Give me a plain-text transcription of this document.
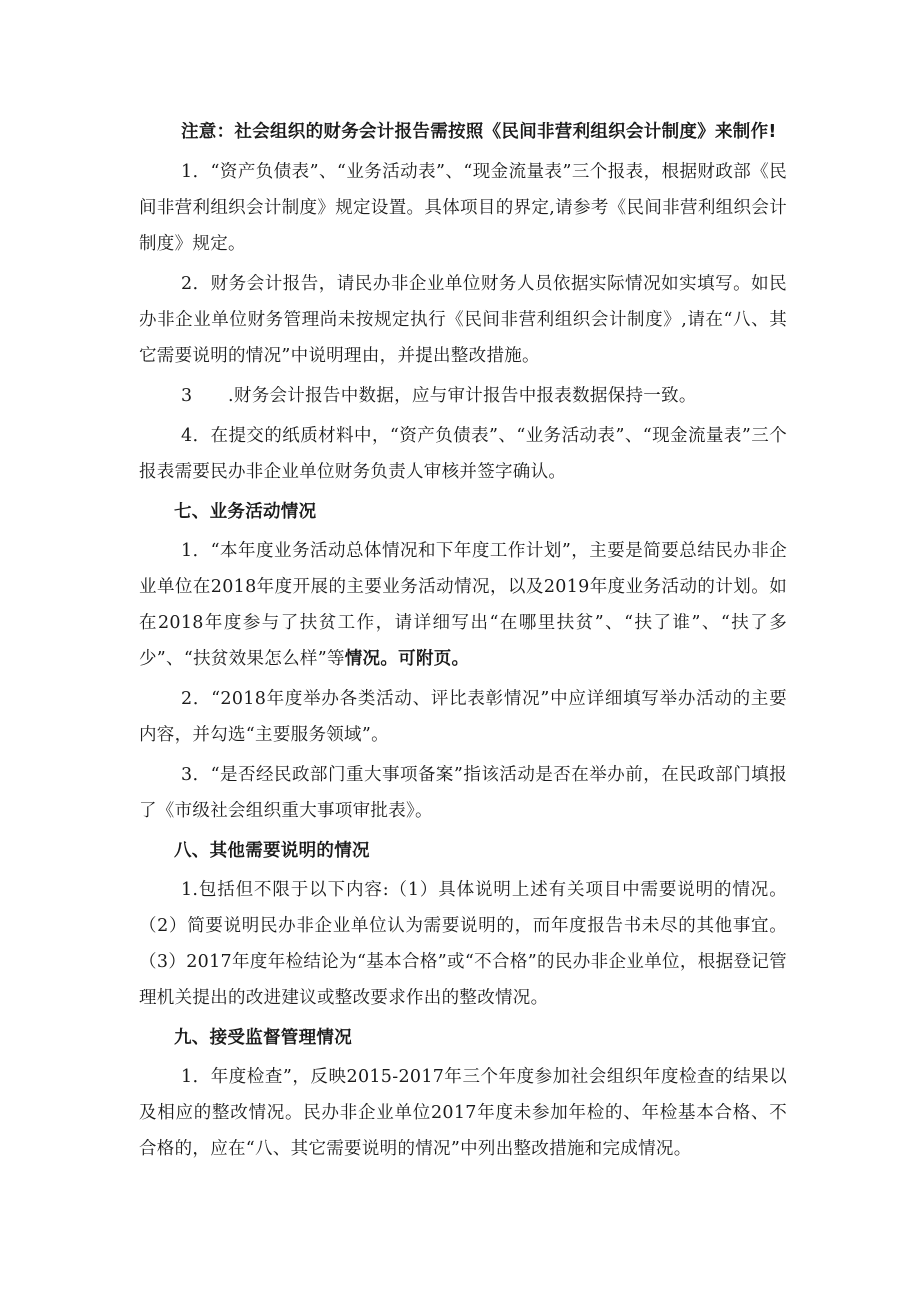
注意：社会组织的财务会计报告需按照《民间非营利组织会计制度》来制作!

1．“资产负债表”、“业务活动表”、“现金流量表”三个报表，根据财政部《民间非营利组织会计制度》规定设置。具体项目的界定,请参考《民间非营利组织会计制度》规定。

2．财务会计报告，请民办非企业单位财务人员依据实际情况如实填写。如民办非企业单位财务管理尚未按规定执行《民间非营利组织会计制度》,请在“八、其它需要说明的情况”中说明理由，并提出整改措施。

3　　.财务会计报告中数据，应与审计报告中报表数据保持一致。

4．在提交的纸质材料中，“资产负债表”、“业务活动表”、“现金流量表”三个报表需要民办非企业单位财务负责人审核并签字确认。

七、业务活动情况

1．“本年度业务活动总体情况和下年度工作计划”，主要是简要总结民办非企业单位在2018年度开展的主要业务活动情况，以及2019年度业务活动的计划。如在2018年度参与了扶贫工作，请详细写出“在哪里扶贫”、“扶了谁”、“扶了多少”、“扶贫效果怎么样”等情况。可附页。

2．“2018年度举办各类活动、评比表彰情况”中应详细填写举办活动的主要内容，并勾选“主要服务领域”。

3．“是否经民政部门重大事项备案”指该活动是否在举办前，在民政部门填报了《市级社会组织重大事项审批表》。

八、其他需要说明的情况

1.包括但不限于以下内容:（1）具体说明上述有关项目中需要说明的情况。（2）简要说明民办非企业单位认为需要说明的，而年度报告书未尽的其他事宜。（3）2017年度年检结论为“基本合格”或“不合格”的民办非企业单位，根据登记管理机关提出的改进建议或整改要求作出的整改情况。

九、接受监督管理情况

1．年度检查”，反映2015-2017年三个年度参加社会组织年度检查的结果以及相应的整改情况。民办非企业单位2017年度未参加年检的、年检基本合格、不合格的，应在“八、其它需要说明的情况”中列出整改措施和完成情况。
